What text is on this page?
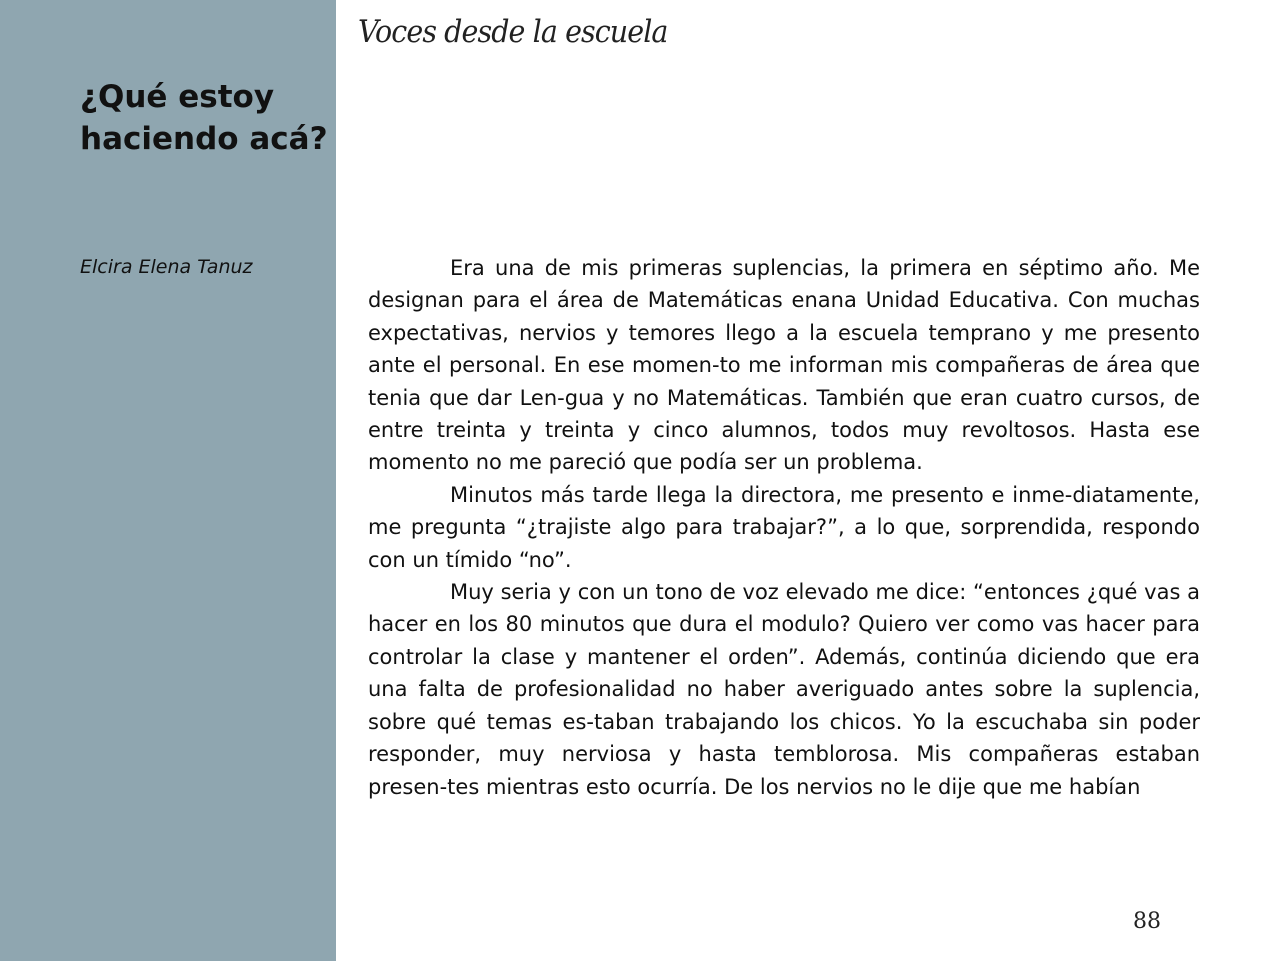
¿Qué estoy haciendo acá?
Elcira Elena Tanuz
Voces desde la escuela

Era una de mis primeras suplencias, la primera en séptimo año. Me designan para el área de Matemáticas enana Unidad Educativa. Con muchas expectativas, nervios y temores llego a la escuela temprano y me presento ante el personal. En ese momen-to me informan mis compañeras de área que tenia que dar Len-gua y no Matemáticas. También que eran cuatro cursos, de entre treinta y treinta y cinco alumnos, todos muy revoltosos. Hasta ese momento no me pareció que podía ser un problema.

Minutos más tarde llega la directora, me presento e inme-diatamente, me pregunta “¿trajiste algo para trabajar?”, a lo que, sorprendida, respondo con un tímido “no”.

Muy seria y con un tono de voz elevado me dice: “entonces ¿qué vas a hacer en los 80 minutos que dura el modulo? Quiero ver como vas hacer para controlar la clase y mantener el orden”. Además, continúa diciendo que era una falta de profesionalidad no haber averiguado antes sobre la suplencia, sobre qué temas es-taban trabajando los chicos. Yo la escuchaba sin poder responder, muy nerviosa y hasta temblorosa. Mis compañeras estaban presen-tes mientras esto ocurría. De los nervios no le dije que me habían

88
